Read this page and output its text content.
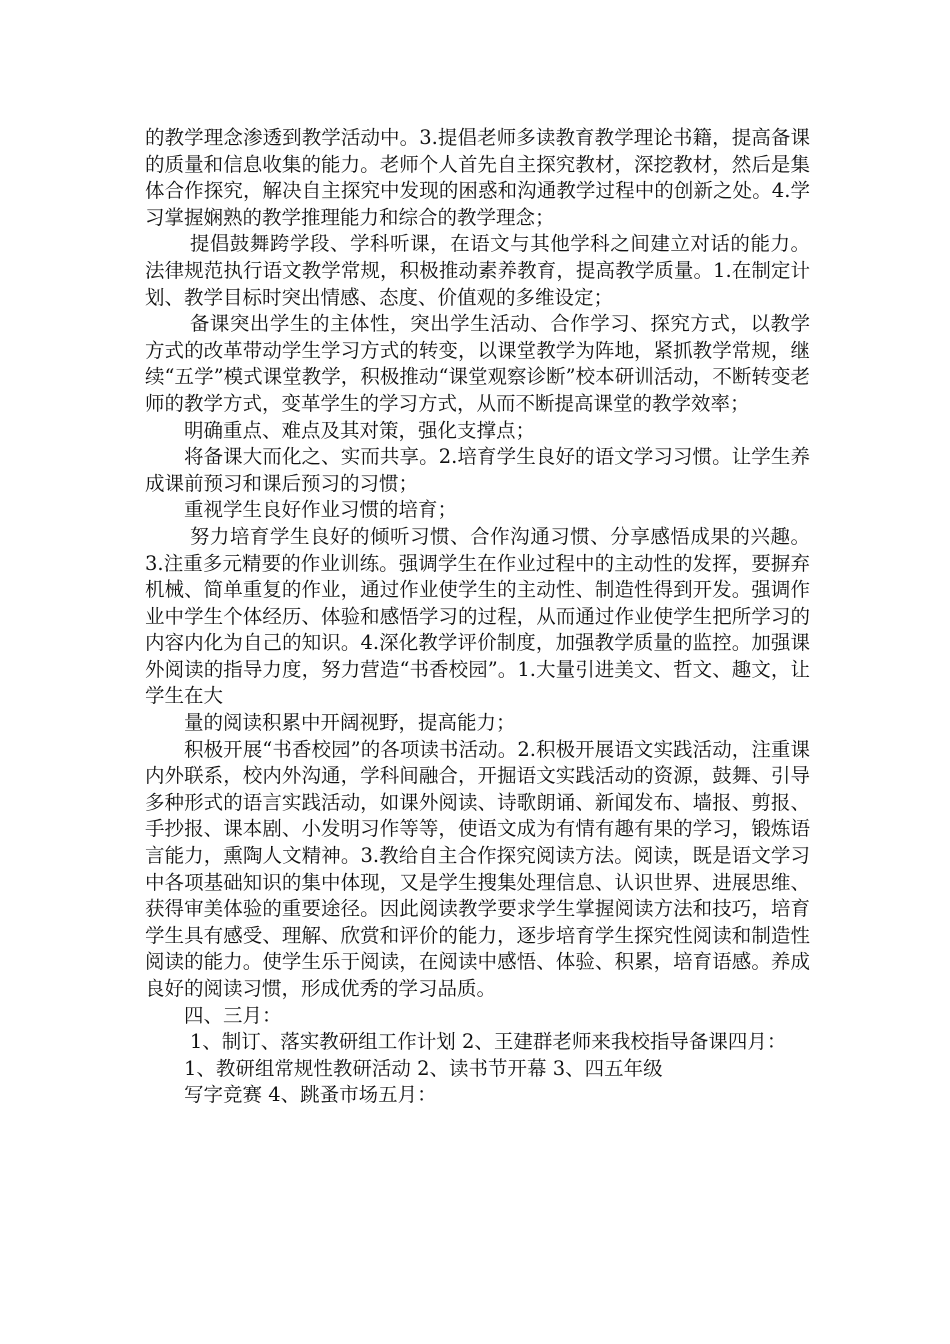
的教学理念渗透到教学活动中。3.提倡老师多读教育教学理论书籍，提高备课的质量和信息收集的能力。老师个人首先自主探究教材，深挖教材，然后是集体合作探究，解决自主探究中发现的困惑和沟通教学过程中的创新之处。4.学习掌握娴熟的教学推理能力和综合的教学理念；

提倡鼓舞跨学段、学科听课，在语文与其他学科之间建立对话的能力。法律规范执行语文教学常规，积极推动素养教育，提高教学质量。1.在制定计划、教学目标时突出情感、态度、价值观的多维设定；

备课突出学生的主体性，突出学生活动、合作学习、探究方式，以教学方式的改革带动学生学习方式的转变，以课堂教学为阵地，紧抓教学常规，继续“五学”模式课堂教学，积极推动“课堂观察诊断”校本研训活动，不断转变老师的教学方式，变革学生的学习方式，从而不断提高课堂的教学效率；

明确重点、难点及其对策，强化支撑点；

将备课大而化之、实而共享。2.培育学生良好的语文学习习惯。让学生养成课前预习和课后预习的习惯；

重视学生良好作业习惯的培育；

努力培育学生良好的倾听习惯、合作沟通习惯、分享感悟成果的兴趣。3.注重多元精要的作业训练。强调学生在作业过程中的主动性的发挥，要摒弃机械、简单重复的作业，通过作业使学生的主动性、制造性得到开发。强调作业中学生个体经历、体验和感悟学习的过程，从而通过作业使学生把所学习的内容内化为自己的知识。4.深化教学评价制度，加强教学质量的监控。加强课外阅读的指导力度，努力营造“书香校园”。1.大量引进美文、哲文、趣文，让学生在大

量的阅读积累中开阔视野，提高能力；

积极开展“书香校园”的各项读书活动。2.积极开展语文实践活动，注重课内外联系，校内外沟通，学科间融合，开掘语文实践活动的资源，鼓舞、引导多种形式的语言实践活动，如课外阅读、诗歌朗诵、新闻发布、墙报、剪报、手抄报、课本剧、小发明习作等等，使语文成为有情有趣有果的学习，锻炼语言能力，熏陶人文精神。3.教给自主合作探究阅读方法。阅读，既是语文学习中各项基础知识的集中体现，又是学生搜集处理信息、认识世界、进展思维、获得审美体验的重要途径。因此阅读教学要求学生掌握阅读方法和技巧，培育学生具有感受、理解、欣赏和评价的能力，逐步培育学生探究性阅读和制造性阅读的能力。使学生乐于阅读，在阅读中感悟、体验、积累，培育语感。养成良好的阅读习惯，形成优秀的学习品质。

四、三月：

1、制订、落实教研组工作计划 2、王建群老师来我校指导备课四月：

1、教研组常规性教研活动 2、读书节开幕 3、四五年级

写字竞赛 4、跳蚤市场五月：
